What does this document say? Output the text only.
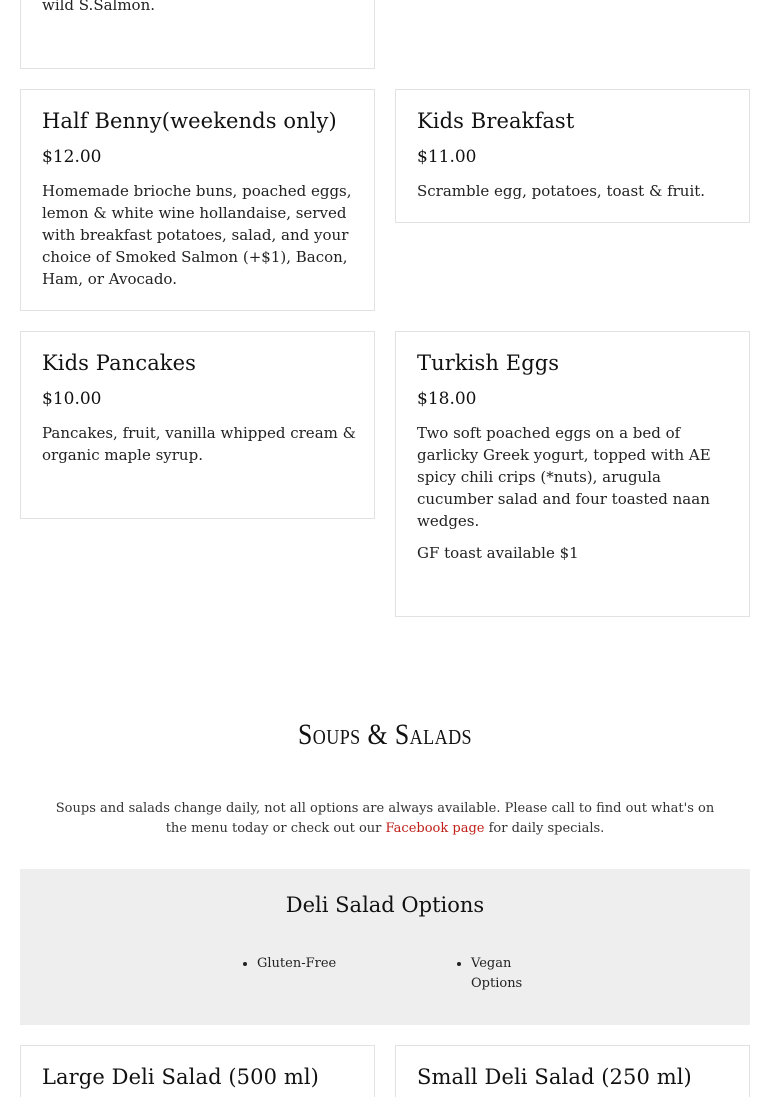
wild S.Salmon.
Half Benny(weekends only)
$12.00
Homemade brioche buns, poached eggs, lemon & white wine hollandaise, served with breakfast potatoes, salad, and your choice of Smoked Salmon (+$1), Bacon, Ham, or Avocado.
Kids Breakfast
$11.00
Scramble egg, potatoes, toast & fruit.
Kids Pancakes
$10.00
Pancakes, fruit, vanilla whipped cream & organic maple syrup.
Turkish Eggs
$18.00
Two soft poached eggs on a bed of garlicky Greek yogurt, topped with AE spicy chili crips (*nuts), arugula cucumber salad and four toasted naan wedges.
GF toast available $1
Soups & Salads
Soups and salads change daily, not all options are always available. Please call to find out what's on the menu today or check out our Facebook page for daily specials.
Deli Salad Options
Gluten-Free	Vegan Options
Large Deli Salad (500 ml)	Small Deli Salad (250 ml)
